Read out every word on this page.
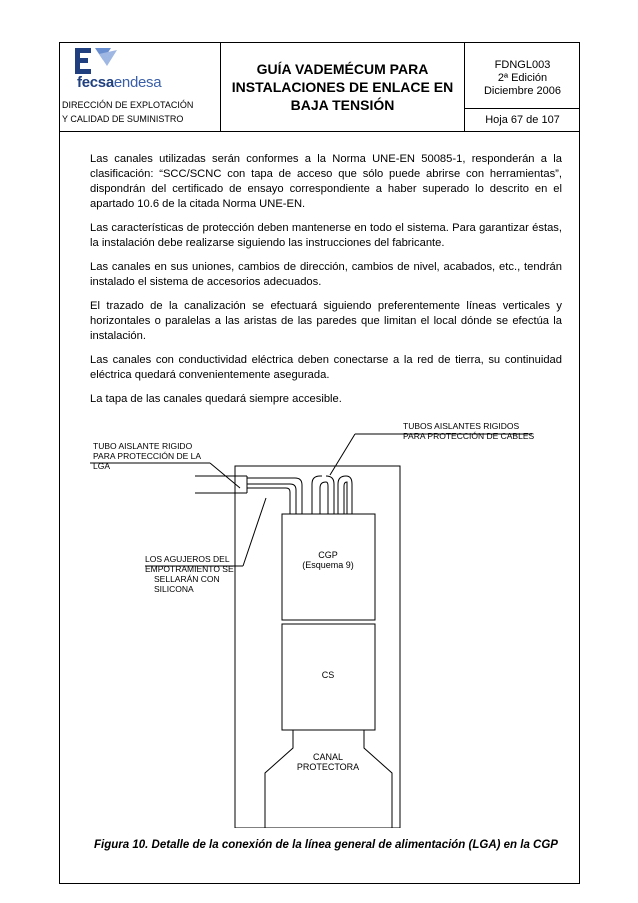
fecsaendesa
DIRECCIÓN DE EXPLOTACIÓN
Y CALIDAD DE SUMINISTRO
GUÍA VADEMÉCUM PARA INSTALACIONES DE ENLACE EN BAJA TENSIÓN
FDNGL003
2ª Edición
Diciembre 2006
Hoja 67 de 107

Las canales utilizadas serán conformes a la Norma UNE-EN 50085-1, responderán a la clasificación: “SCC/SCNC con tapa de acceso que sólo puede abrirse con herramientas”, dispondrán del certificado de ensayo correspondiente a haber superado lo descrito en el apartado 10.6 de la citada Norma UNE-EN.

Las características de protección deben mantenerse en todo el sistema. Para garantizar éstas, la instalación debe realizarse siguiendo las instrucciones del fabricante.

Las canales en sus uniones, cambios de dirección, cambios de nivel, acabados, etc., tendrán instalado el sistema de accesorios adecuados.

El trazado de la canalización se efectuará siguiendo preferentemente líneas verticales y horizontales o paralelas a las aristas de las paredes que limitan el local dónde se efectúa la instalación.

Las canales con conductividad eléctrica deben conectarse a la red de tierra, su continuidad eléctrica quedará convenientemente asegurada.

La tapa de las canales quedará siempre accesible.

TUBO AISLANTE RIGIDO
PARA PROTECCIÓN DE LA
LGA
TUBOS AISLANTES RIGIDOS
PARA PROTECCIÓN DE CABLES
LOS AGUJEROS DEL
EMPOTRAMIENTO SE
SELLARÁN CON
SILICONA
CGP
(Esquema 9)
CS
CANAL
PROTECTORA
Figura 10. Detalle de la conexión de la línea general de alimentación (LGA) en la CGP
